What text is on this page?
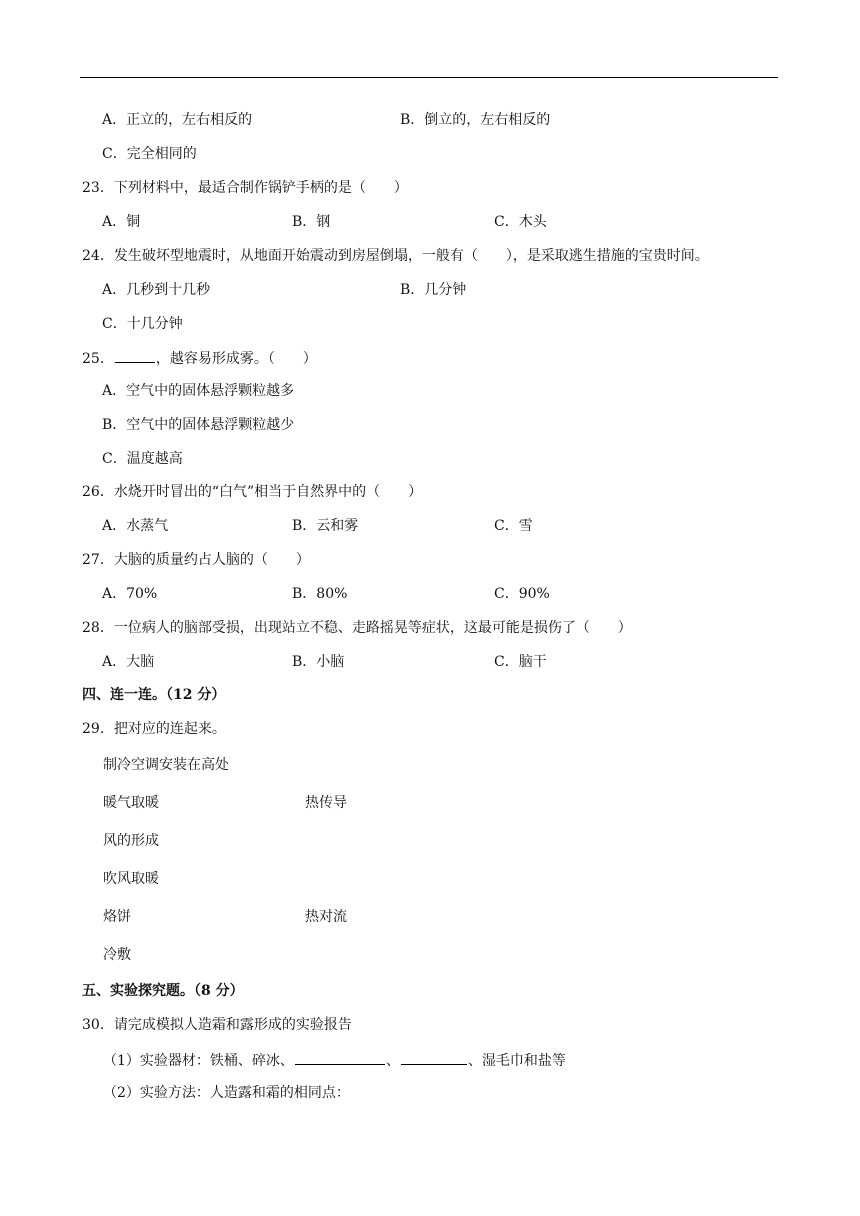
A．正立的，左右相反的	B．倒立的，左右相反的
C．完全相同的
23．下列材料中，最适合制作锅铲手柄的是（　　）
A．铜	B．钢	C．木头
24．发生破坏型地震时，从地面开始震动到房屋倒塌，一般有（　　），是采取逃生措施的宝贵时间。
A．几秒到十几秒	B．几分钟
C．十几分钟
25．	，越容易形成雾。（　　）
A．空气中的固体悬浮颗粒越多
B．空气中的固体悬浮颗粒越少
C．温度越高
26．水烧开时冒出的“白气”相当于自然界中的（　　）
A．水蒸气	B．云和雾	C．雪
27．大脑的质量约占人脑的（　　）
A．70%	B．80%	C．90%
28．一位病人的脑部受损，出现站立不稳、走路摇晃等症状，这最可能是损伤了（　　）
A．大脑	B．小脑	C．脑干
四、连一连。（12 分）
29．把对应的连起来。
制冷空调安装在高处
暖气取暖
风的形成
吹风取暖
烙饼
冷敷
热传导
热对流
五、实验探究题。（8 分）
30．请完成模拟人造霜和露形成的实验报告
（1）实验器材：铁桶、碎冰、	、	、湿毛巾和盐等
（2）实验方法：人造露和霜的相同点：
